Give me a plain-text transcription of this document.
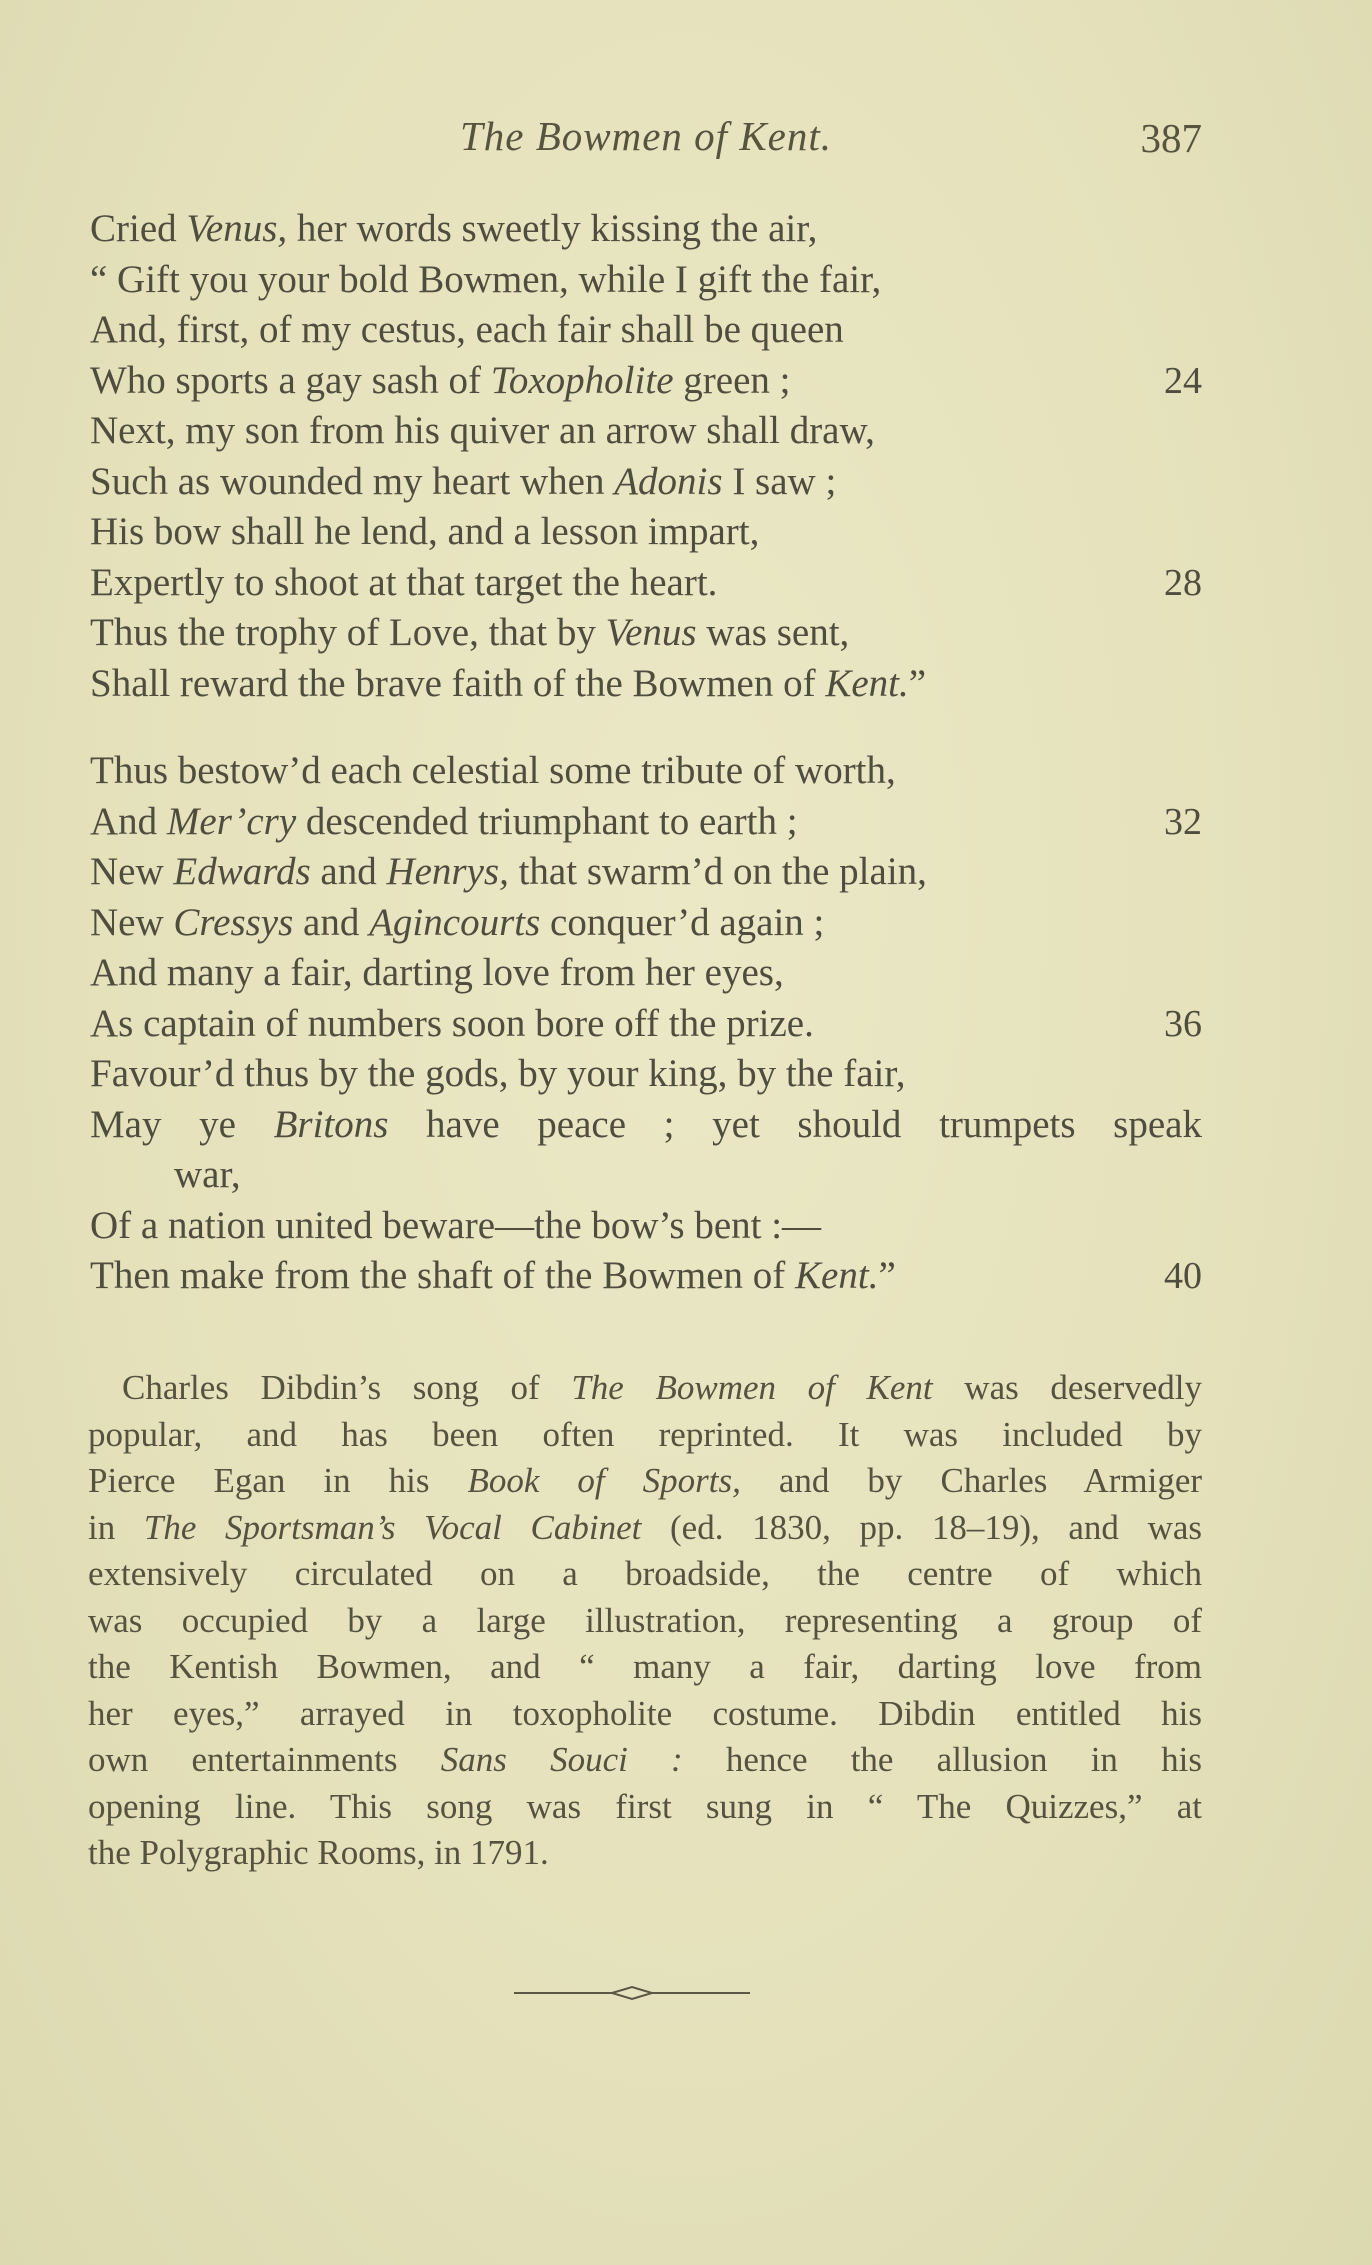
The Bowmen of Kent.	387
Cried Venus, her words sweetly kissing the air,
“ Gift you your bold Bowmen, while I gift the fair,
And, first, of my cestus, each fair shall be queen
Who sports a gay sash of Toxopholite green ;	24
Next, my son from his quiver an arrow shall draw,
Such as wounded my heart when Adonis I saw ;
His bow shall he lend, and a lesson impart,
Expertly to shoot at that target the heart.	28
Thus the trophy of Love, that by Venus was sent,
Shall reward the brave faith of the Bowmen of Kent.”
Thus bestow’d each celestial some tribute of worth,
And Mer’cry descended triumphant to earth ;	32
New Edwards and Henrys, that swarm’d on the plain,
New Cressys and Agincourts conquer’d again ;
And many a fair, darting love from her eyes,
As captain of numbers soon bore off the prize.	36
Favour’d thus by the gods, by your king, by the fair,
May ye Britons have peace ; yet should trumpets speak
war,
Of a nation united beware—the bow’s bent :—
Then make from the shaft of the Bowmen of Kent.”	40
Charles Dibdin’s song of The Bowmen of Kent was deservedly
popular, and has been often reprinted. It was included by
Pierce Egan in his Book of Sports, and by Charles Armiger
in The Sportsman’s Vocal Cabinet (ed. 1830, pp. 18–19), and was
extensively circulated on a broadside, the centre of which
was occupied by a large illustration, representing a group of
the Kentish Bowmen, and “ many a fair, darting love from
her eyes,” arrayed in toxopholite costume. Dibdin entitled his
own entertainments Sans Souci : hence the allusion in his
opening line. This song was first sung in “ The Quizzes,” at
the Polygraphic Rooms, in 1791.
